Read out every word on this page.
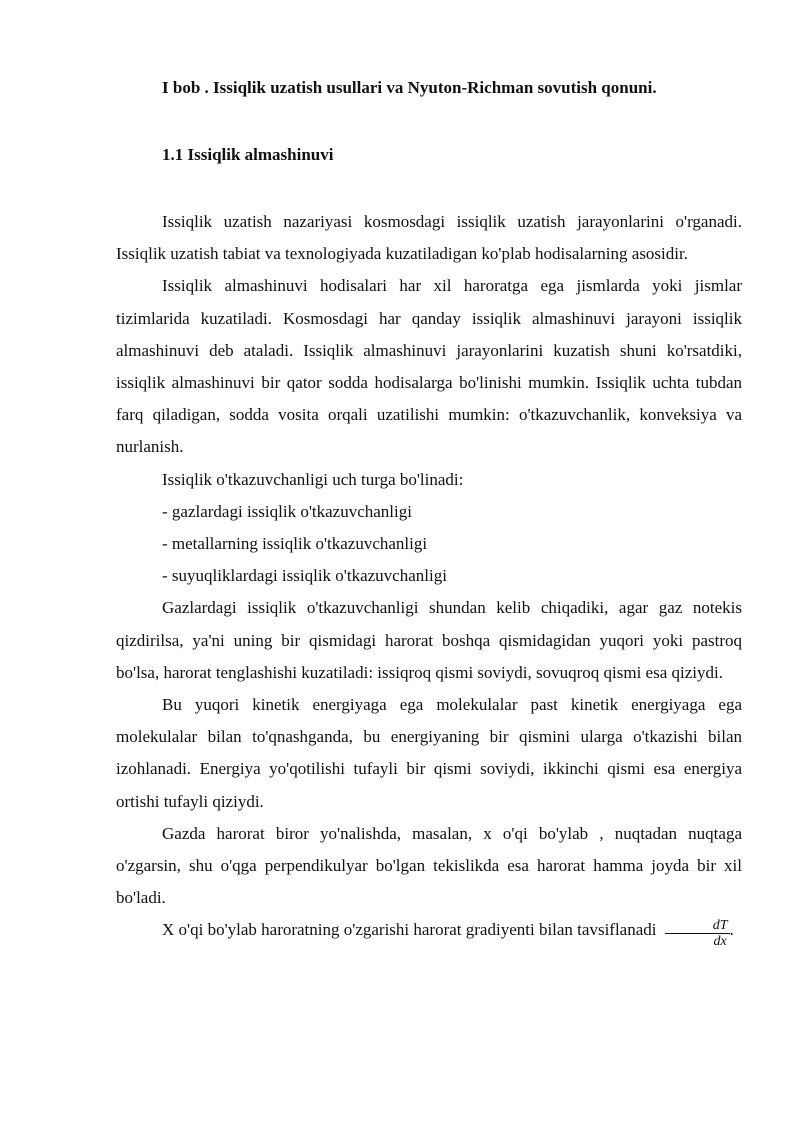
I bob . Issiqlik uzatish usullari va Nyuton-Richman sovutish qonuni.
1.1 Issiqlik almashinuvi

Issiqlik uzatish nazariyasi kosmosdagi issiqlik uzatish jarayonlarini o'rganadi. Issiqlik uzatish tabiat va texnologiyada kuzatiladigan ko'plab hodisalarning asosidir.

Issiqlik almashinuvi hodisalari har xil haroratga ega jismlarda yoki jismlar tizimlarida kuzatiladi. Kosmosdagi har qanday issiqlik almashinuvi jarayoni issiqlik almashinuvi deb ataladi. Issiqlik almashinuvi jarayonlarini kuzatish shuni ko'rsatdiki, issiqlik almashinuvi bir qator sodda hodisalarga bo'linishi mumkin. Issiqlik uchta tubdan farq qiladigan, sodda vosita orqali uzatilishi mumkin: o'tkazuvchanlik, konveksiya va nurlanish.

Issiqlik o'tkazuvchanligi uch turga bo'linadi:

- gazlardagi issiqlik o'tkazuvchanligi

- metallarning issiqlik o'tkazuvchanligi

- suyuqliklardagi issiqlik o'tkazuvchanligi

Gazlardagi issiqlik o'tkazuvchanligi shundan kelib chiqadiki, agar gaz notekis qizdirilsa, ya'ni uning bir qismidagi harorat boshqa qismidagidan yuqori yoki pastroq bo'lsa, harorat tenglashishi kuzatiladi: issiqroq qismi soviydi, sovuqroq qismi esa qiziydi.

Bu yuqori kinetik energiyaga ega molekulalar past kinetik energiyaga ega molekulalar bilan to'qnashganda, bu energiyaning bir qismini ularga o'tkazishi bilan izohlanadi. Energiya yo'qotilishi tufayli bir qismi soviydi, ikkinchi qismi esa energiya ortishi tufayli qiziydi.

Gazda harorat biror yo'nalishda, masalan, x o'qi bo'ylab , nuqtadan nuqtaga o'zgarsin, shu o'qga perpendikulyar bo'lgan tekislikda esa harorat hamma joyda bir xil bo'ladi.

X o'qi bo'ylab haroratning o'zgarishi harorat gradiyenti bilan tavsiflanadi $\frac{dT}{dx}$ .
